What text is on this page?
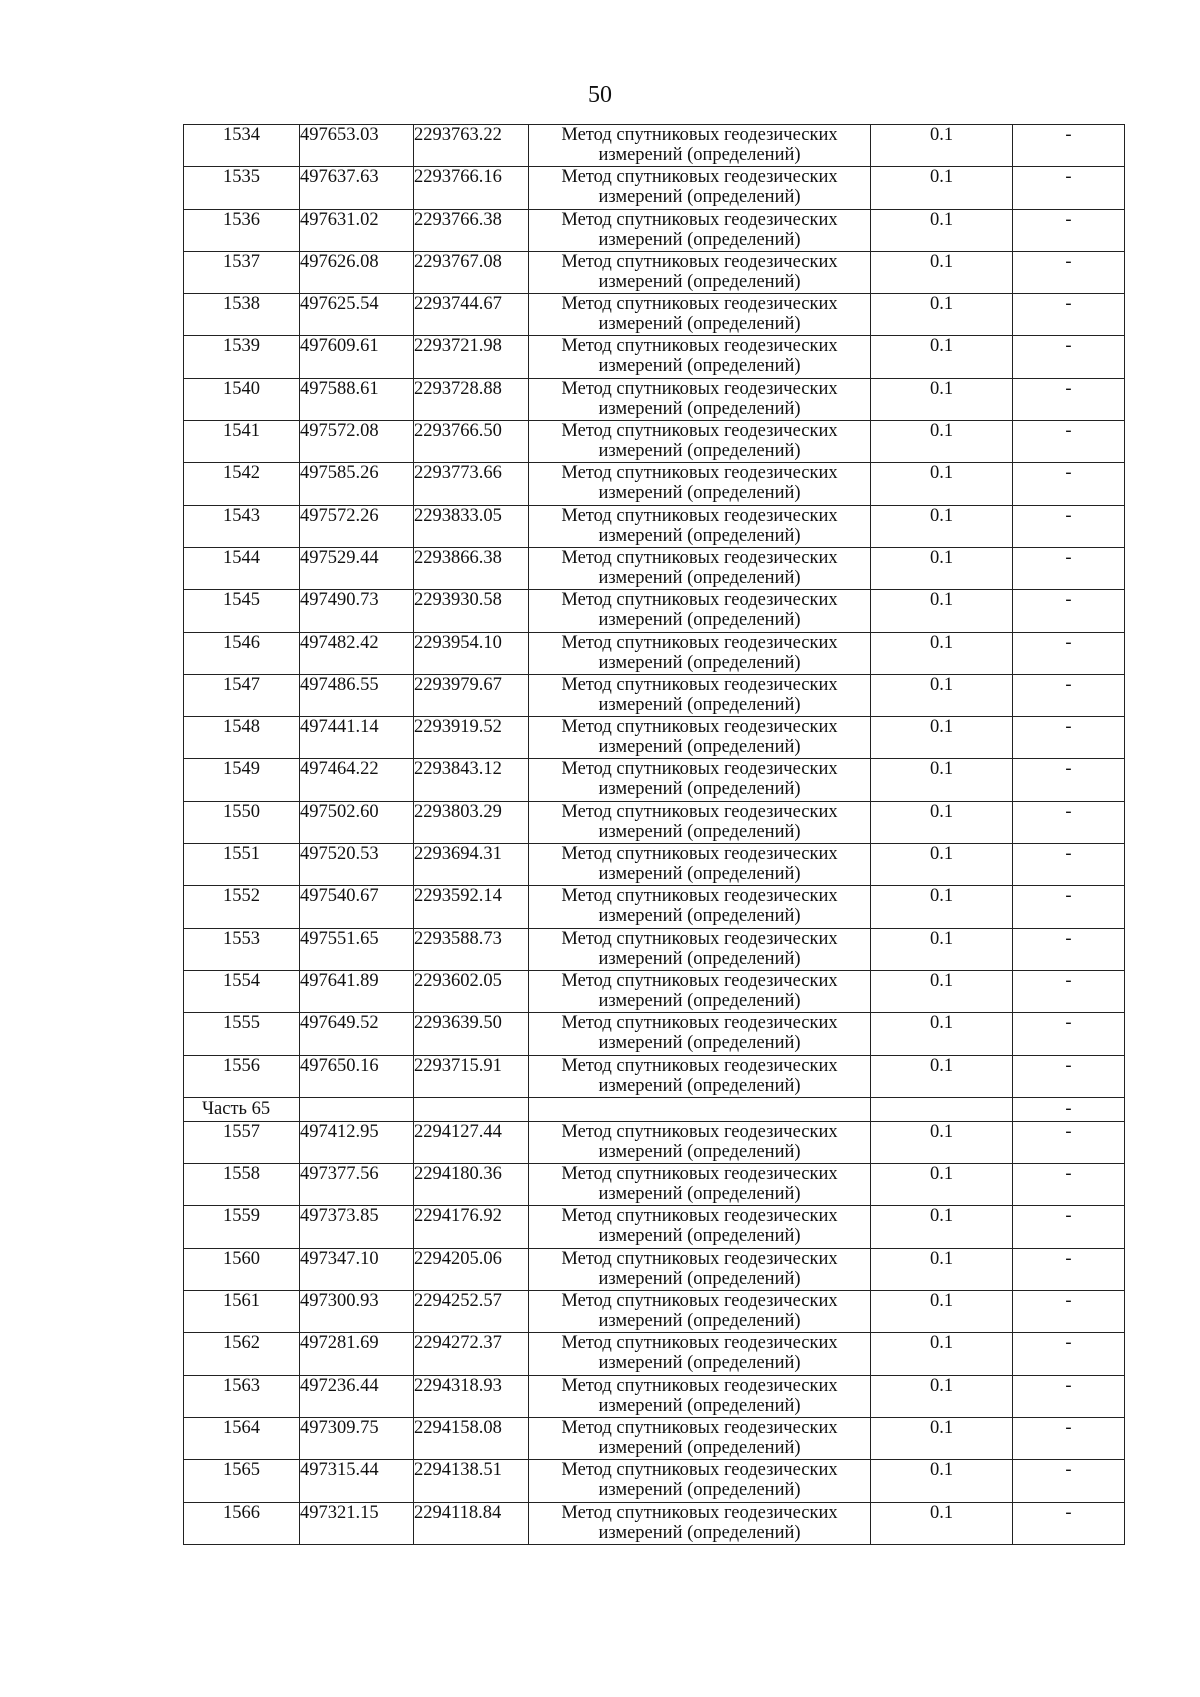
50
1534	497653.03	2293763.22	Метод спутниковых геодезических измерений (определений)	0.1	-
1535	497637.63	2293766.16	Метод спутниковых геодезических измерений (определений)	0.1	-
1536	497631.02	2293766.38	Метод спутниковых геодезических измерений (определений)	0.1	-
1537	497626.08	2293767.08	Метод спутниковых геодезических измерений (определений)	0.1	-
1538	497625.54	2293744.67	Метод спутниковых геодезических измерений (определений)	0.1	-
1539	497609.61	2293721.98	Метод спутниковых геодезических измерений (определений)	0.1	-
1540	497588.61	2293728.88	Метод спутниковых геодезических измерений (определений)	0.1	-
1541	497572.08	2293766.50	Метод спутниковых геодезических измерений (определений)	0.1	-
1542	497585.26	2293773.66	Метод спутниковых геодезических измерений (определений)	0.1	-
1543	497572.26	2293833.05	Метод спутниковых геодезических измерений (определений)	0.1	-
1544	497529.44	2293866.38	Метод спутниковых геодезических измерений (определений)	0.1	-
1545	497490.73	2293930.58	Метод спутниковых геодезических измерений (определений)	0.1	-
1546	497482.42	2293954.10	Метод спутниковых геодезических измерений (определений)	0.1	-
1547	497486.55	2293979.67	Метод спутниковых геодезических измерений (определений)	0.1	-
1548	497441.14	2293919.52	Метод спутниковых геодезических измерений (определений)	0.1	-
1549	497464.22	2293843.12	Метод спутниковых геодезических измерений (определений)	0.1	-
1550	497502.60	2293803.29	Метод спутниковых геодезических измерений (определений)	0.1	-
1551	497520.53	2293694.31	Метод спутниковых геодезических измерений (определений)	0.1	-
1552	497540.67	2293592.14	Метод спутниковых геодезических измерений (определений)	0.1	-
1553	497551.65	2293588.73	Метод спутниковых геодезических измерений (определений)	0.1	-
1554	497641.89	2293602.05	Метод спутниковых геодезических измерений (определений)	0.1	-
1555	497649.52	2293639.50	Метод спутниковых геодезических измерений (определений)	0.1	-
1556	497650.16	2293715.91	Метод спутниковых геодезических измерений (определений)	0.1	-
Часть 65					-
1557	497412.95	2294127.44	Метод спутниковых геодезических измерений (определений)	0.1	-
1558	497377.56	2294180.36	Метод спутниковых геодезических измерений (определений)	0.1	-
1559	497373.85	2294176.92	Метод спутниковых геодезических измерений (определений)	0.1	-
1560	497347.10	2294205.06	Метод спутниковых геодезических измерений (определений)	0.1	-
1561	497300.93	2294252.57	Метод спутниковых геодезических измерений (определений)	0.1	-
1562	497281.69	2294272.37	Метод спутниковых геодезических измерений (определений)	0.1	-
1563	497236.44	2294318.93	Метод спутниковых геодезических измерений (определений)	0.1	-
1564	497309.75	2294158.08	Метод спутниковых геодезических измерений (определений)	0.1	-
1565	497315.44	2294138.51	Метод спутниковых геодезических измерений (определений)	0.1	-
1566	497321.15	2294118.84	Метод спутниковых геодезических измерений (определений)	0.1	-
